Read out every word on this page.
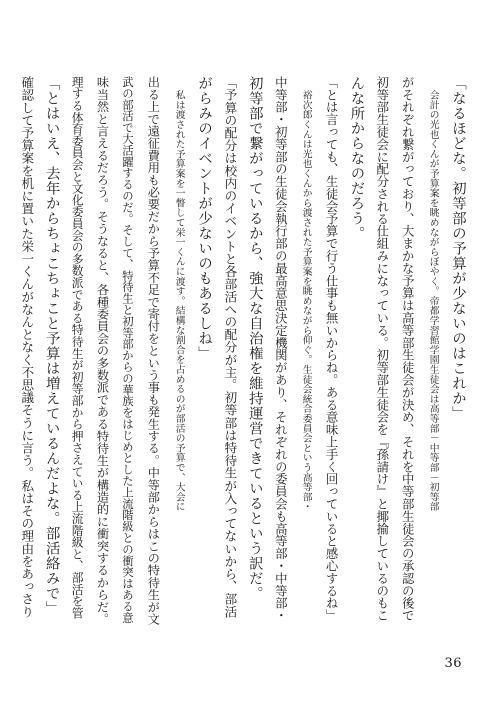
「なるほどな。初等部の予算が少ないのはこれか」

会計の光也くんが予算案を眺めながらぼやく。帝都学習館学園生徒会は高等部－中等部－初等部

がそれぞれ繋がっており、大まかな予算は高等部生徒会が決め、それを中等部生徒会の承認の後で

初等部生徒会に配分される仕組みになっている。初等部生徒会を『孫請け』と揶揄しているのもこ

んな所からなのだろう。

「とは言っても、生徒会予算で行う仕事も無いからね。ある意味上手く回っていると感心するね」

裕次郎くんは光也くんから渡された予算案を眺めながら仰ぐ。生徒会統合委員会という高等部・

中等部・初等部の生徒会執行部の最高意思決定機関があり、それぞれの委員会も高等部・中等部・

初等部で繋がっているから、強大な自治権を維持運営できているという訳だ。

「予算の配分は校内のイベントと各部活への配分が主。初等部は特待生が入ってないから、部活

がらみのイベントが少ないのもあるしね」

私は渡された予算案を一瞥して栄一くんに渡す。結構な割合を占めるのが部活の予算で、大会に

出る上で遠征費用も必要だから予算不足で寄付をという事も発生する。中等部からはこの特待生が文

武の部活で大活躍するのだ。そして、特待生と初等部からの華族をはじめとした上流階級との衝突はある意

味当然と言えるだろう。そうなると、各種委員会の多数派である特待生が構造的に衝突するからだ。

理する体育委員会と文化委員会の多数派である特待生が初等部から押さえている上流階級と、部活を管

「とはいえ、去年からちょこちょこと予算は増えているんだよな。部活絡みで」

確認して予算案を机に置いた栄一くんがなんとなく不思議そうに言う。私はその理由をあっさり

36
